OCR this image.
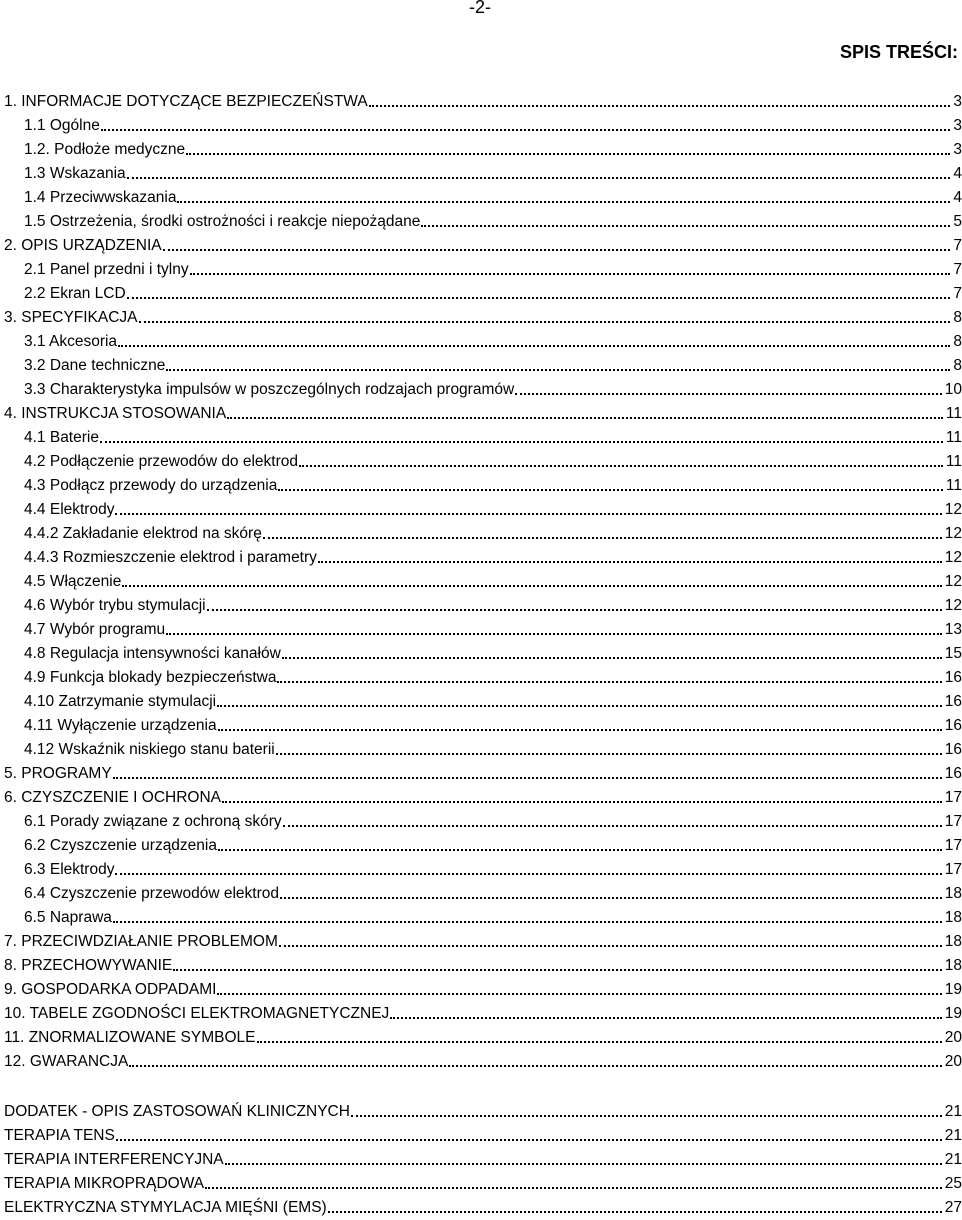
-2-
SPIS TREŚCI:
1. INFORMACJE DOTYCZĄCE BEZPIECZEŃSTWA	3
1.1 Ogólne	3
1.2. Podłoże medyczne	3
1.3 Wskazania	4
1.4 Przeciwwskazania	4
1.5 Ostrzeżenia, środki ostrożności i reakcje niepożądane	5
2. OPIS URZĄDZENIA	7
2.1 Panel przedni i tylny	7
2.2 Ekran LCD	7
3. SPECYFIKACJA	8
3.1 Akcesoria	8
3.2 Dane techniczne	8
3.3 Charakterystyka impulsów w poszczególnych rodzajach programów	10
4. INSTRUKCJA STOSOWANIA	11
4.1 Baterie	11
4.2 Podłączenie przewodów do elektrod	11
4.3 Podłącz przewody do urządzenia	11
4.4 Elektrody	12
4.4.2 Zakładanie elektrod na skórę	12
4.4.3 Rozmieszczenie elektrod i parametry	12
4.5 Włączenie	12
4.6 Wybór trybu stymulacji	12
4.7 Wybór programu	13
4.8 Regulacja intensywności kanałów	15
4.9 Funkcja blokady bezpieczeństwa	16
4.10 Zatrzymanie stymulacji	16
4.11 Wyłączenie urządzenia	16
4.12 Wskaźnik niskiego stanu baterii	16
5. PROGRAMY	16
6. CZYSZCZENIE I OCHRONA	17
6.1 Porady związane z ochroną skóry	17
6.2 Czyszczenie urządzenia	17
6.3 Elektrody	17
6.4 Czyszczenie przewodów elektrod	18
6.5 Naprawa	18
7. PRZECIWDZIAŁANIE PROBLEMOM	18
8. PRZECHOWYWANIE	18
9. GOSPODARKA ODPADAMI	19
10. TABELE ZGODNOŚCI ELEKTROMAGNETYCZNEJ	19
11. ZNORMALIZOWANE SYMBOLE	20
12. GWARANCJA	20
DODATEK - OPIS ZASTOSOWAŃ KLINICZNYCH	21
TERAPIA TENS	21
TERAPIA INTERFERENCYJNA	21
TERAPIA MIKROPRĄDOWA	25
ELEKTRYCZNA STYMYLACJA MIĘŚNI (EMS)	27
